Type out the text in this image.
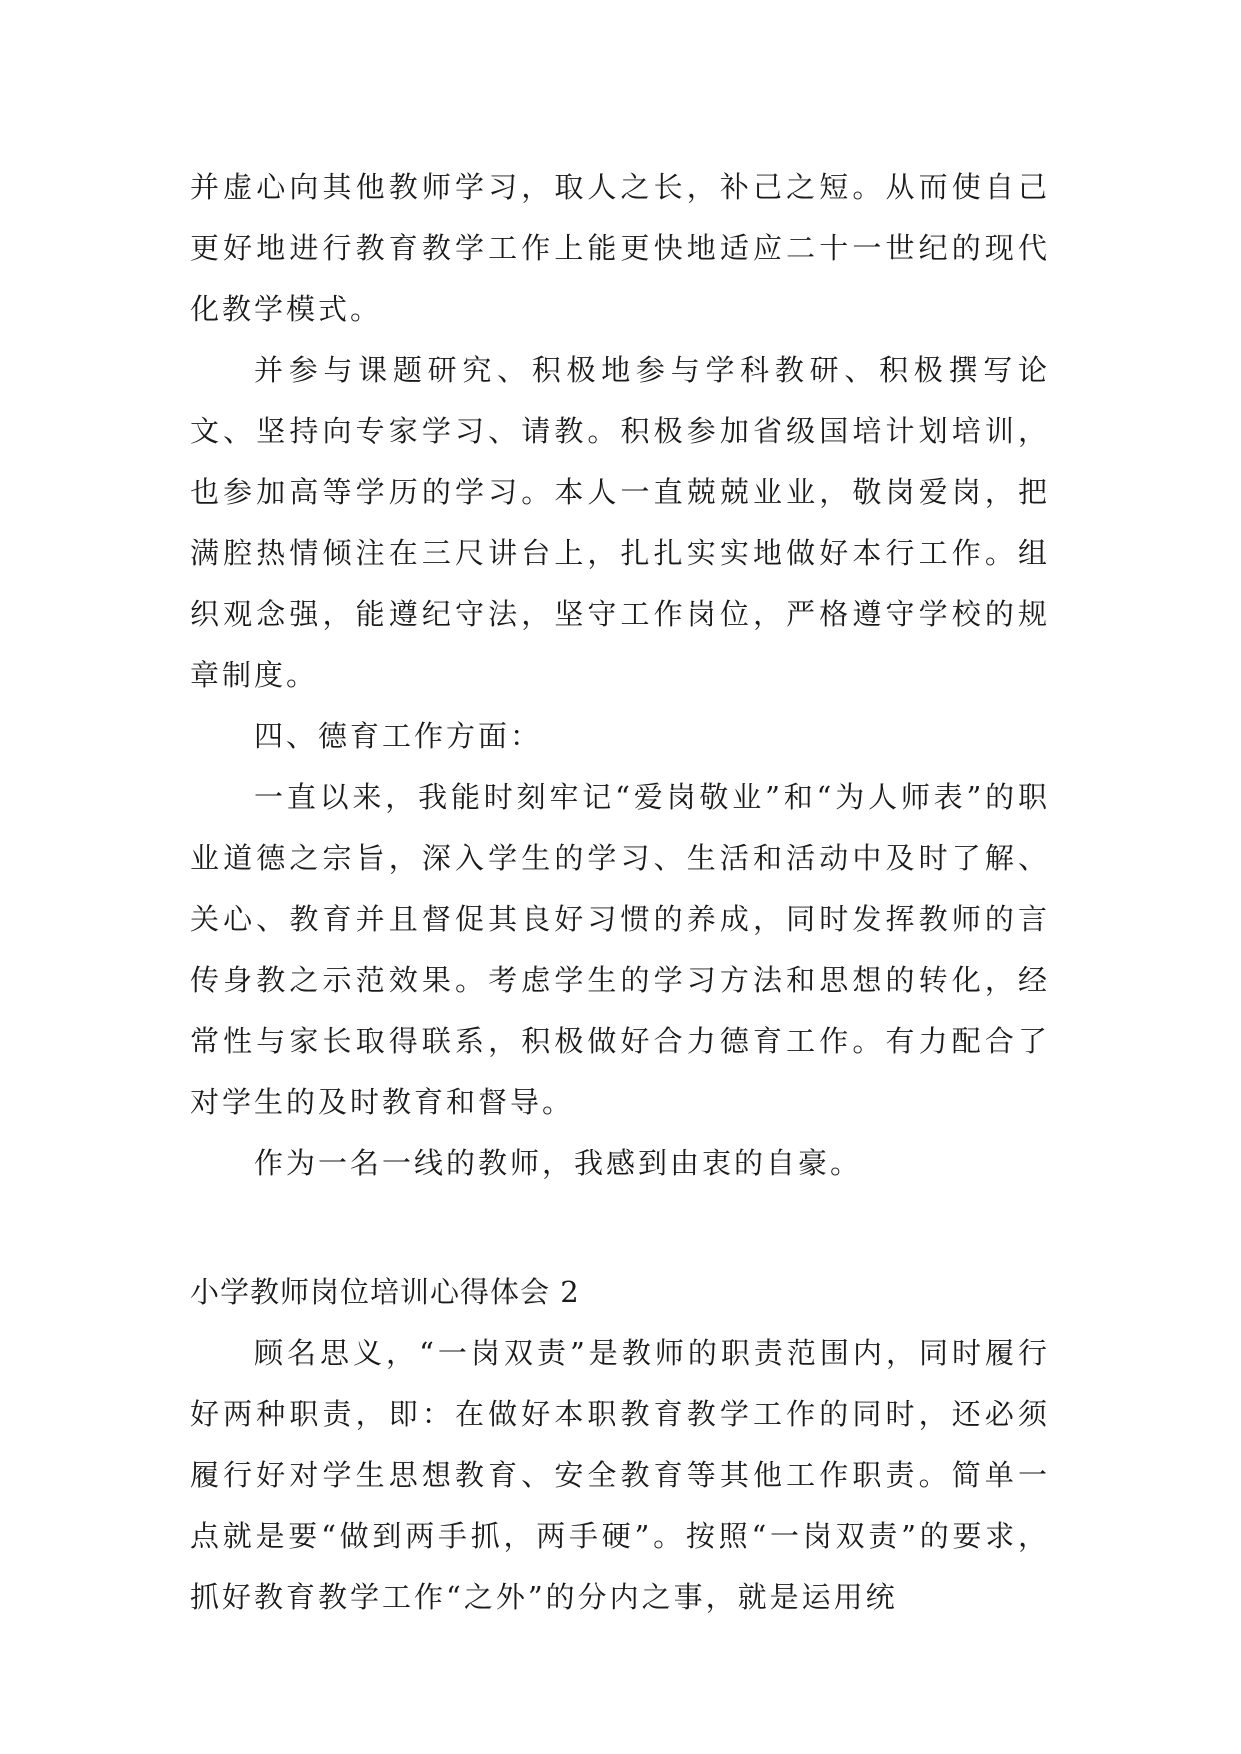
并虚心向其他教师学习，取人之长，补己之短。从而使自己更好地进行教育教学工作上能更快地适应二十一世纪的现代化教学模式。

并参与课题研究、积极地参与学科教研、积极撰写论文、坚持向专家学习、请教。积极参加省级国培计划培训，也参加高等学历的学习。本人一直兢兢业业，敬岗爱岗，把满腔热情倾注在三尺讲台上，扎扎实实地做好本行工作。组织观念强，能遵纪守法，坚守工作岗位，严格遵守学校的规章制度。

四、德育工作方面：

一直以来，我能时刻牢记“爱岗敬业”和“为人师表”的职业道德之宗旨，深入学生的学习、生活和活动中及时了解、关心、教育并且督促其良好习惯的养成，同时发挥教师的言传身教之示范效果。考虑学生的学习方法和思想的转化，经常性与家长取得联系，积极做好合力德育工作。有力配合了对学生的及时教育和督导。

作为一名一线的教师，我感到由衷的自豪。

小学教师岗位培训心得体会 2

顾名思义，“一岗双责”是教师的职责范围内，同时履行好两种职责，即：在做好本职教育教学工作的同时，还必须履行好对学生思想教育、安全教育等其他工作职责。简单一点就是要“做到两手抓，两手硬”。按照“一岗双责”的要求，抓好教育教学工作“之外”的分内之事，就是运用统
